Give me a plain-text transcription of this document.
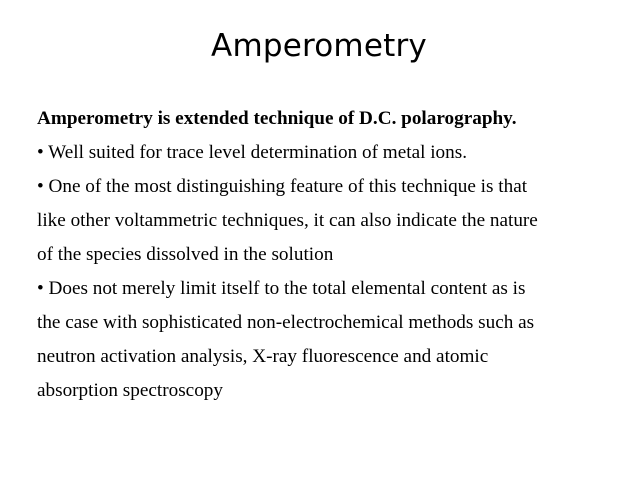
Amperometry
Amperometry is extended technique of D.C. polarography.
• Well suited for trace level determination of metal ions.
• One of the most distinguishing feature of this technique is that
like other voltammetric techniques, it can also indicate the nature
of the species dissolved in the solution
• Does not merely limit itself to the total elemental content as is
the case with sophisticated non-electrochemical methods such as
neutron activation analysis, X-ray fluorescence and atomic
absorption spectroscopy
